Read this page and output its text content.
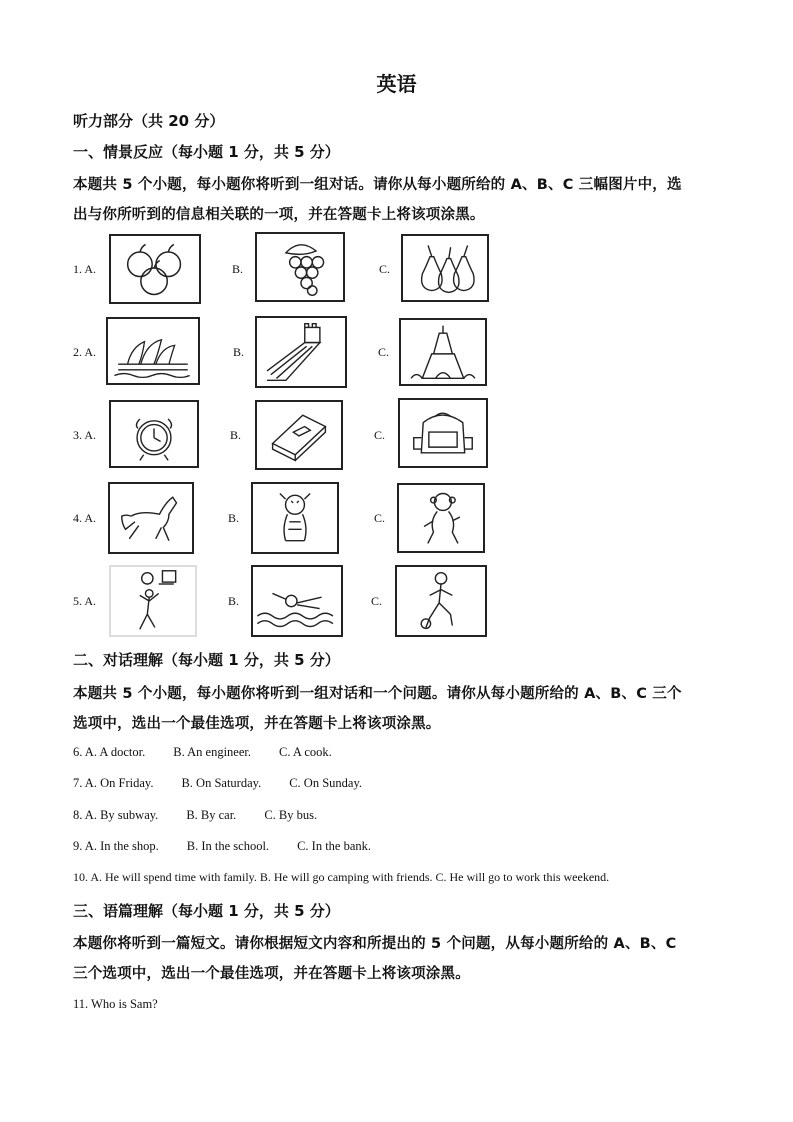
英语
听力部分（共 20 分）
一、情景反应（每小题 1 分，共 5 分）
本题共 5 个小题，每小题你将听到一组对话。请你从每小题所给的 A、B、C 三幅图片中，选
出与你所听到的信息相关联的一项，并在答题卡上将该项涂黑。
1. A.	B.	C.
2. A.	B.	C.
3. A.	B.	C.
4. A.	B.	C.
5. A.	B.	C.
二、对话理解（每小题 1 分，共 5 分）
本题共 5 个小题，每小题你将听到一组对话和一个问题。请你从每小题所给的 A、B、C 三个
选项中，选出一个最佳选项，并在答题卡上将该项涂黑。
6. A. A doctor. B. An engineer. C. A cook.
7. A. On Friday. B. On Saturday. C. On Sunday.
8. A. By subway. B. By car. C. By bus.
9. A. In the shop. B. In the school. C. In the bank.
10. A. He will spend time with family. B. He will go camping with friends. C. He will go to work this weekend.
三、语篇理解（每小题 1 分，共 5 分）
本题你将听到一篇短文。请你根据短文内容和所提出的 5 个问题，从每小题所给的 A、B、C
三个选项中，选出一个最佳选项，并在答题卡上将该项涂黑。
11. Who is Sam?
